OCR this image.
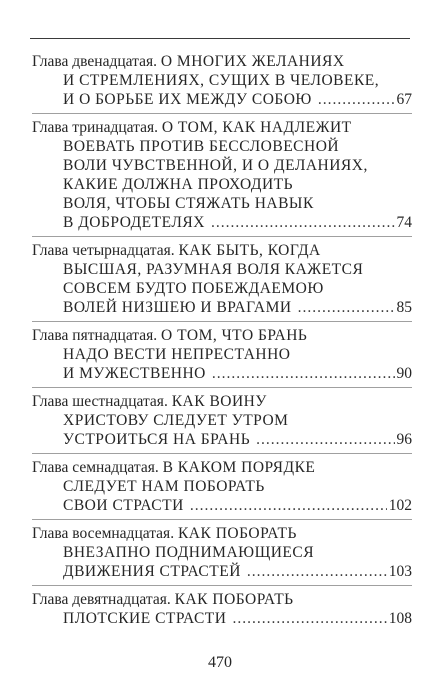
Глава двенадцатая. О МНОГИХ ЖЕЛАНИЯХ
И СТРЕМЛЕНИЯХ, СУЩИХ В ЧЕЛОВЕКЕ,
И О БОРЬБЕ ИХ МЕЖДУ СОБОЮ .....	67
Глава тринадцатая. О ТОМ, КАК НАДЛЕЖИТ
ВОЕВАТЬ ПРОТИВ БЕССЛОВЕСНОЙ
ВОЛИ ЧУВСТВЕННОЙ, И О ДЕЛАНИЯХ,
КАКИЕ ДОЛЖНА ПРОХОДИТЬ
ВОЛЯ, ЧТОБЫ СТЯЖАТЬ НАВЫК
В ДОБРОДЕТЕЛЯХ .....	74
Глава четырнадцатая. КАК БЫТЬ, КОГДА
ВЫСШАЯ, РАЗУМНАЯ ВОЛЯ КАЖЕТСЯ
СОВСЕМ БУДТО ПОБЕЖДАЕМОЮ
ВОЛЕЙ НИЗШЕЮ И ВРАГАМИ .....	85
Глава пятнадцатая. О ТОМ, ЧТО БРАНЬ
НАДО ВЕСТИ НЕПРЕСТАННО
И МУЖЕСТВЕННО .....	90
Глава шестнадцатая. КАК ВОИНУ
ХРИСТОВУ СЛЕДУЕТ УТРОМ
УСТРОИТЬСЯ НА БРАНЬ .....	96
Глава семнадцатая. В КАКОМ ПОРЯДКЕ
СЛЕДУЕТ НАМ ПОБОРАТЬ
СВОИ СТРАСТИ .....	102
Глава восемнадцатая. КАК ПОБОРАТЬ
ВНЕЗАПНО ПОДНИМАЮЩИЕСЯ
ДВИЖЕНИЯ СТРАСТЕЙ .....	103
Глава девятнадцатая. КАК ПОБОРАТЬ
ПЛОТСКИЕ СТРАСТИ .....	108
470
